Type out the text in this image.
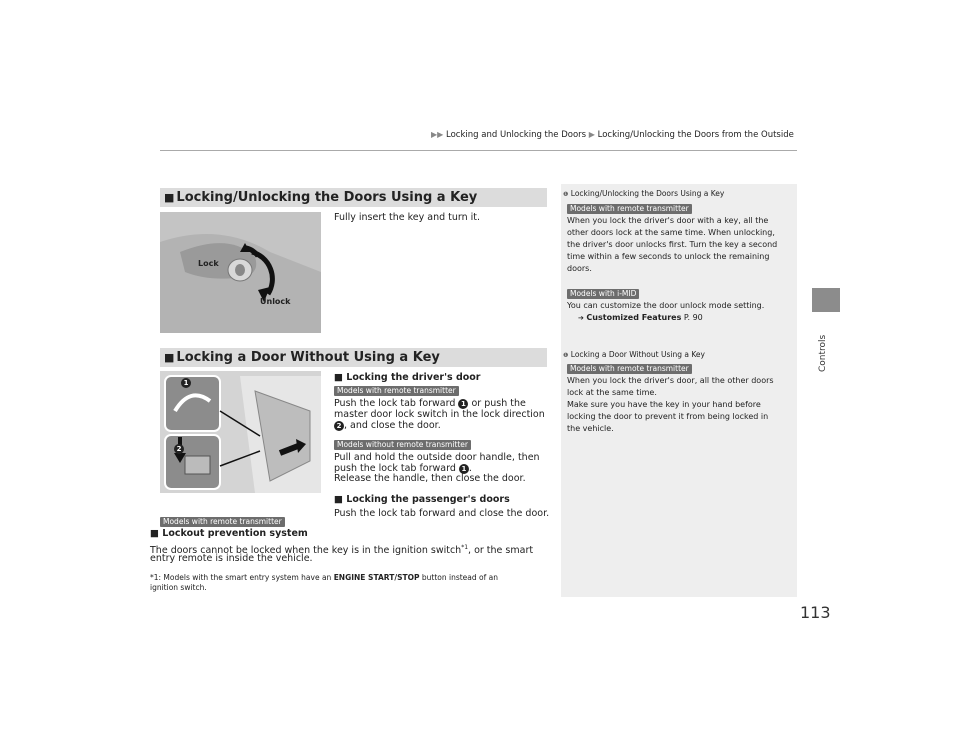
▶▶ Locking and Unlocking the Doors ▶ Locking/Unlocking the Doors from the Outside
Controls
■ Locking/Unlocking the Doors Using a Key
Lock
Unlock
Fully insert the key and turn it.
■ Locking a Door Without Using a Key
1
2
■ Locking the driver's door
Models with remote transmitter
Push the lock tab forward 1 or push the
master door lock switch in the lock direction
2 , and close the door.
Models without remote transmitter
Pull and hold the outside door handle, then
push the lock tab forward 1 .
Release the handle, then close the door.
■ Locking the passenger's doors
Push the lock tab forward and close the door.
Models with remote transmitter
■ Lockout prevention system
The doors cannot be locked when the key is in the ignition switch$^{*1}$, or the smart
entry remote is inside the vehicle.
*1: Models with the smart entry system have an ENGINE START/STOP button instead of an
ignition switch.
❶ Locking/Unlocking the Doors Using a Key
Models with remote transmitter
When you lock the driver's door with a key, all the
other doors lock at the same time. When unlocking,
the driver's door unlocks first. Turn the key a second
time within a few seconds to unlock the remaining
doors.
Models with i-MID
You can customize the door unlock mode setting.
➔ Customized Features P. 90
❶ Locking a Door Without Using a Key
Models with remote transmitter
When you lock the driver's door, all the other doors
lock at the same time.
Make sure you have the key in your hand before
locking the door to prevent it from being locked in
the vehicle.
113
